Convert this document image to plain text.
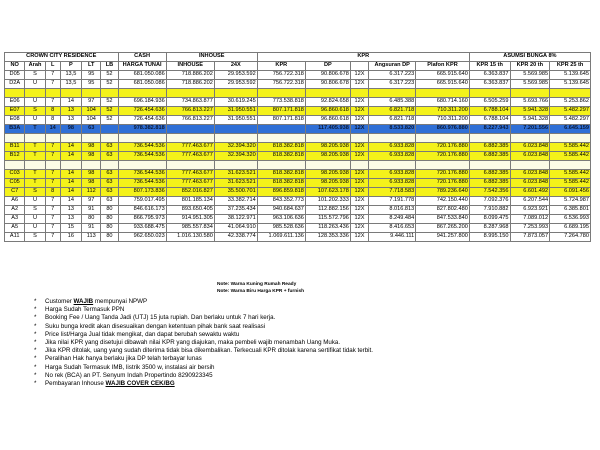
CROWN CITY RESIDENCE						CASH	INHOUSE		KPR					ASUMSI BUNGA 8%		
NO	Arah	L	P	LT	LB	HARGA TUNAI	INHOUSE	24X	KPR	DP		Angsuran DP	Plafon KPR	KPR 15 th	KPR 20 th	KPR 25 th
D05	S	7	13,5	95	52	681.050.086	718.886.202	29.953.592	756.722.318	90.806.678	12X	6.317.223	665.915.640	6.363.837	5.569.985	5.139.645
D2A	U	7	13,5	95	52	681.050.086	718.886.202	29.953.592	756.722.318	90.806.678	12X	6.317.223	665.915.640	6.363.837	5.569.985	5.139.645

E06	U	7	14	97	52	696.184.936	734.863.877	30.619.245	773.538.818	92.824.658	12X	6.485.388	680.714.160	6.505.259	5.693.766	5.253.862
E07	S	8	13	104	52	726.454.636	766.813.227	31.950.551	807.171.818	96.860.618	12X	6.821.718	710.311.200	6.788.104	5.941.328	5.482.297
E08	U	8	13	104	52	726.454.636	766.813.227	31.950.551	807.171.818	96.860.618	12X	6.821.718	710.311.200	6.788.104	5.941.328	5.482.297
B3A	T	14	98	63		978.382.818				117.405.938	12X	8.533.820	860.976.880	8.227.943	7.201.556	6.645.159

B11	T	7	14	98	63	736.544.536	777.463.677	32.394.320	818.382.818	98.205.938	12X	6.933.828	720.176.880	6.882.385	6.023.848	5.585.442
B12	T	7	14	98	63	736.544.536	777.463.677	32.394.320	818.382.818	98.205.938	12X	6.933.828	720.176.880	6.882.385	6.023.848	5.585.442

C03	T	7	14	98	63	736.544.536	777.463.677	31.623.521	818.382.818	98.205.938	12X	6.933.828	720.176.880	6.882.385	6.023.848	5.585.442
C05	T	7	14	98	63	736.544.536	777.463.677	31.623.521	818.382.818	98.205.938	12X	6.933.828	720.176.880	6.882.385	6.023.848	5.585.442
C7	S	8	14	112	63	807.173.836	852.016.827	35.500.701	896.859.818	107.623.178	12X	7.718.583	789.236.640	7.542.356	6.601.492	6.091.456
A6	U	7	14	97	63	759.017.495	801.185.134	33.382.714	843.352.773	101.202.333	12X	7.191.778	742.150.440	7.092.376	6.207.544	5.724.987
A2	S	7	13	91	80	846.616.173	893.650.405	37.235.434	940.684.637	112.882.156	12X	8.016.813	827.802.480	7.910.882	6.923.921	6.385.801
A3	U	7	13	80	80	866.795.973	914.951.305	38.122.971	963.106.636	115.572.796	12X	8.249.484	847.533.840	8.099.475	7.089.012	6.536.993
A5	U	7	15	91	80	933.688.475	985.557.834	41.064.910	985.528.636	118.263.436	12X	8.416.653	867.265.200	8.287.968	7.253.993	6.689.195
A11	S	7	16	113	80	962.650.023	1.016.130.580	42.338.774	1.069.611.136	128.353.336	12X	9.446.111	941.257.800	8.995.150	7.873.057	7.264.780
Note: Warna Kuning Rumah Ready
Note: Warna Biru Harga KPR + furnish
* Customer WAJIB mempunyai NPWP
* Harga Sudah Termasuk PPN
* Booking Fee / Uang Tanda Jadi (UTJ) 15 juta rupiah. Dan berlaku untuk 7 hari kerja.
* Suku bunga kredit akan disesuaikan dengan ketentuan pihak bank saat realisasi
* Price list/Harga Jual tidak mengikat, dan dapat berubah sewaktu waktu
* Jika nilai KPR yang disetujui dibawah nilai KPR yang diajukan, maka pembeli wajib menambah Uang Muka.
* Jika KPR ditolak, uang yang sudah diterima tidak bisa dikembalikan. Terkecuali KPR ditolak karena sertifikat tidak terbit.
* Peralihan Hak hanya berlaku jika DP telah terbayar lunas
* Harga Sudah Termasuk IMB, listrik 3500 w, instalasi air bersih
* No rek (BCA) an PT. Senyum Indah Propertindo 8290923345
* Pembayaran Inhouse WAJIB COVER CEK/BG
